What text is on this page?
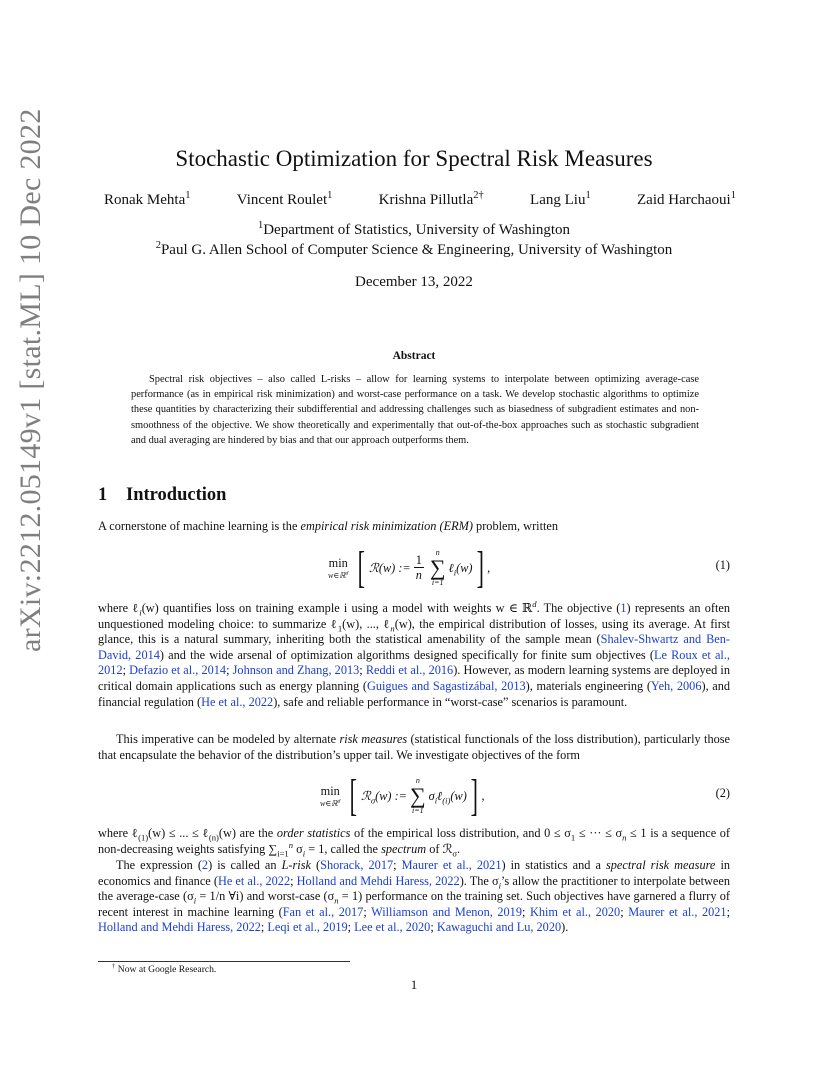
arXiv:2212.05149v1 [stat.ML] 10 Dec 2022	Stochastic Optimization for Spectral Risk Measures
Ronak Mehta$^1$	Vincent Roulet$^1$	Krishna Pillutla$^{2\dagger}$	Lang Liu$^1$	Zaid Harchaoui$^1$
$^1$Department of Statistics, University of Washington
$^2$Paul G. Allen School of Computer Science & Engineering, University of Washington
December 13, 2022
Abstract
Spectral risk objectives – also called L-risks – allow for learning systems to interpolate between optimizing average-case performance (as in empirical risk minimization) and worst-case performance on a task. We develop stochastic algorithms to optimize these quantities by characterizing their subdifferential and addressing challenges such as biasedness of subgradient estimates and non-smoothness of the objective. We show theoretically and experimentally that out-of-the-box approaches such as stochastic subgradient and dual averaging are hindered by bias and that our approach outperforms them.
1 Introduction
A cornerstone of machine learning is the empirical risk minimization (ERM) problem, written
min
w∈ℝ$^d$ [ ℛ(w) := $\frac{1}{n}$
n
∑
i=1
ℓ$_i$(w) ] ,	(1)
where ℓ$_i$(w) quantifies loss on training example i using a model with weights w ∈ ℝ$^d$. The objective (1) represents an often unquestioned modeling choice: to summarize ℓ$_1$(w), ..., ℓ$_n$(w), the empirical distribution of losses, using its average. At first glance, this is a natural summary, inheriting both the statistical amenability of the sample mean (Shalev-Shwartz and Ben-David, 2014) and the wide arsenal of optimization algorithms designed specifically for finite sum objectives (Le Roux et al., 2012; Defazio et al., 2014; Johnson and Zhang, 2013; Reddi et al., 2016). However, as modern learning systems are deployed in critical domain applications such as energy planning (Guigues and Sagastizábal, 2013), materials engineering (Yeh, 2006), and financial regulation (He et al., 2022), safe and reliable performance in “worst-case” scenarios is paramount.
This imperative can be modeled by alternate risk measures (statistical functionals of the loss distribution), particularly those that encapsulate the behavior of the distribution’s upper tail. We investigate objectives of the form
min
w∈ℝ$^d$ [ ℛ$_\sigma$(w) :=
n
∑
i=1
$\sigma_i\ell_{(i)}(w)$ ] ,	(2)
where ℓ$_{(1)}$(w) ≤ ... ≤ ℓ$_{(n)}$(w) are the order statistics of the empirical loss distribution, and $0 \le \sigma_1$ ≤ ··· ≤ $\sigma_n \le 1$ is a sequence of non-decreasing weights satisfying $\sum_{i=1}^n$ $\sigma_i = 1$, called the spectrum of ℛ$_\sigma$.
The expression (2) is called an L-risk (Shorack, 2017; Maurer et al., 2021) in statistics and a spectral risk measure in economics and finance (He et al., 2022; Holland and Mehdi Haress, 2022). The $\sigma_i’s$ allow the practitioner to interpolate between the average-case ($\sigma_i = 1/n$ ∀i) and worst-case $(\sigma_n = 1)$ performance on the training set. Such objectives have garnered a flurry of recent interest in machine learning (Fan et al., 2017; Williamson and Menon, 2019; Khim et al., 2020; Maurer et al., 2021; Holland and Mehdi Haress, 2022; Leqi et al., 2019; Lee et al., 2020; Kawaguchi and Lu, 2020).
† Now at Google Research.
1
